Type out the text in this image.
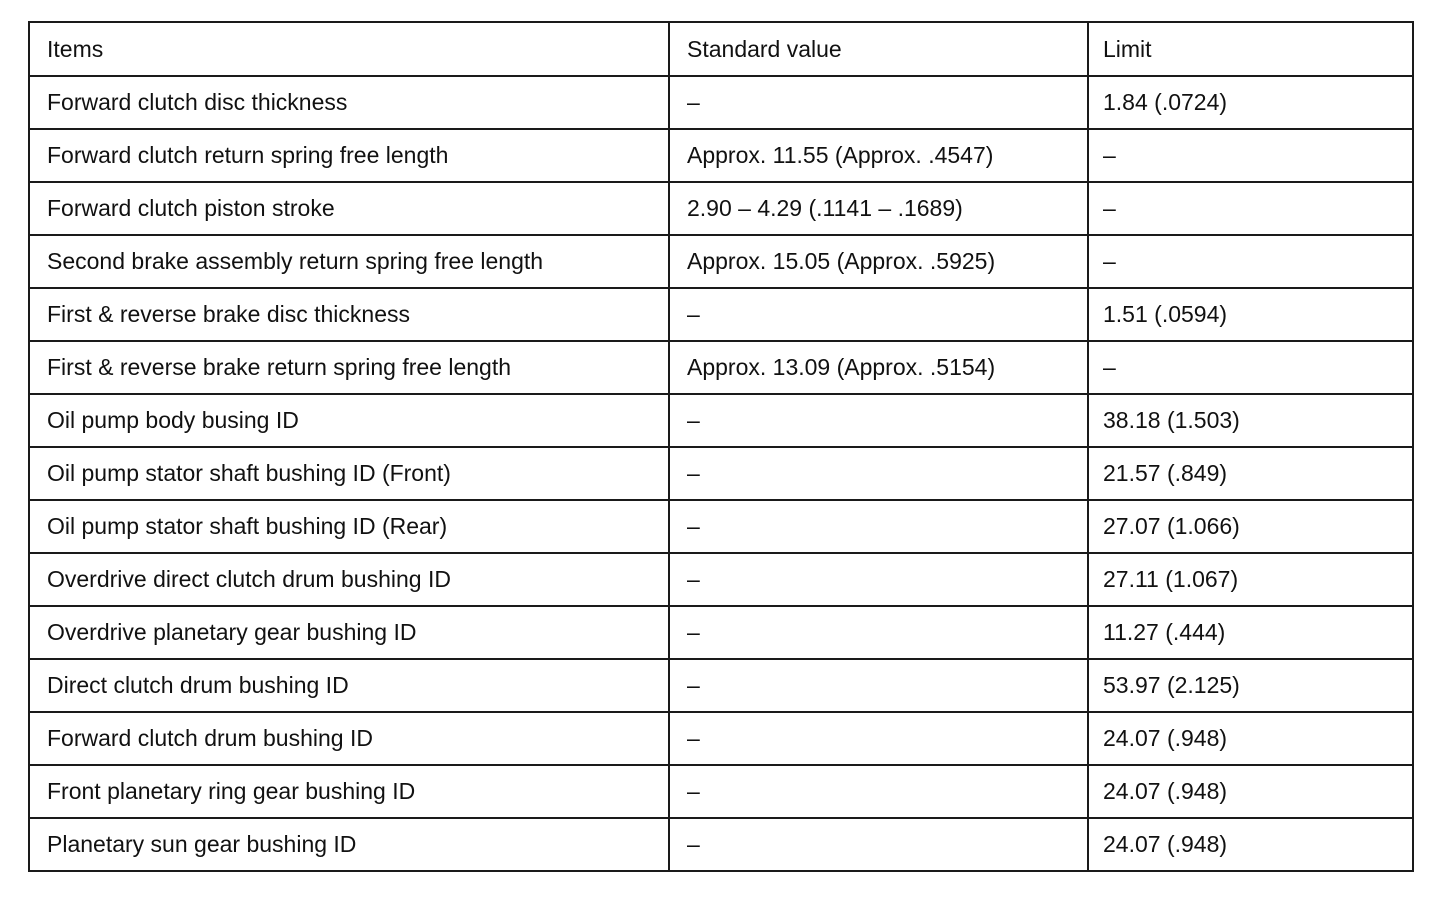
Items	Standard value	Limit
Forward clutch disc thickness	–	1.84 (.0724)
Forward clutch return spring free length	Approx. 11.55 (Approx. .4547)	–
Forward clutch piston stroke	2.90 – 4.29 (.1141 – .1689)	–
Second brake assembly return spring free length	Approx. 15.05 (Approx. .5925)	–
First & reverse brake disc thickness	–	1.51 (.0594)
First & reverse brake return spring free length	Approx. 13.09 (Approx. .5154)	–
Oil pump body busing ID	–	38.18 (1.503)
Oil pump stator shaft bushing ID (Front)	–	21.57 (.849)
Oil pump stator shaft bushing ID (Rear)	–	27.07 (1.066)
Overdrive direct clutch drum bushing ID	–	27.11 (1.067)
Overdrive planetary gear bushing ID	–	11.27 (.444)
Direct clutch drum bushing ID	–	53.97 (2.125)
Forward clutch drum bushing ID	–	24.07 (.948)
Front planetary ring gear bushing ID	–	24.07 (.948)
Planetary sun gear bushing ID	–	24.07 (.948)
